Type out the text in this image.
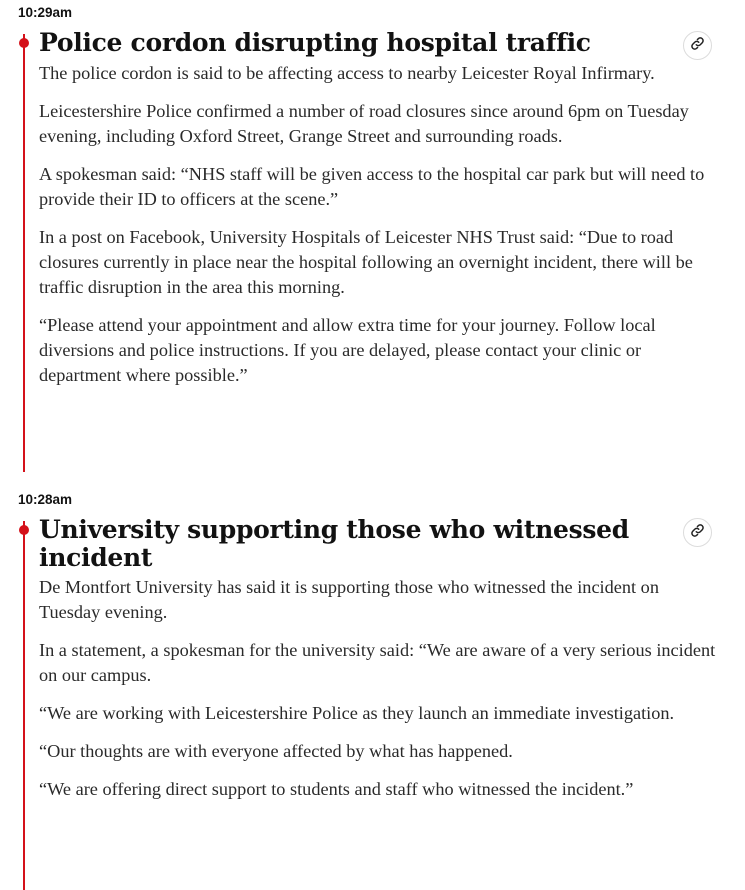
10:29am
Police cordon disrupting hospital traffic

The police cordon is said to be affecting access to nearby Leicester Royal Infirmary.

Leicestershire Police confirmed a number of road closures since around 6pm on Tuesday evening, including Oxford Street, Grange Street and surrounding roads.

A spokesman said: “NHS staff will be given access to the hospital car park but will need to provide their ID to officers at the scene.”

In a post on Facebook, University Hospitals of Leicester NHS Trust said: “Due to road closures currently in place near the hospital following an overnight incident, there will be traffic disruption in the area this morning.

“Please attend your appointment and allow extra time for your journey. Follow local diversions and police instructions. If you are delayed, please contact your clinic or department where possible.”

10:28am
University supporting those who witnessed incident

De Montfort University has said it is supporting those who witnessed the incident on Tuesday evening.

In a statement, a spokesman for the university said: “We are aware of a very serious incident on our campus.

“We are working with Leicestershire Police as they launch an immediate investigation.

“Our thoughts are with everyone affected by what has happened.

“We are offering direct support to students and staff who witnessed the incident.”
